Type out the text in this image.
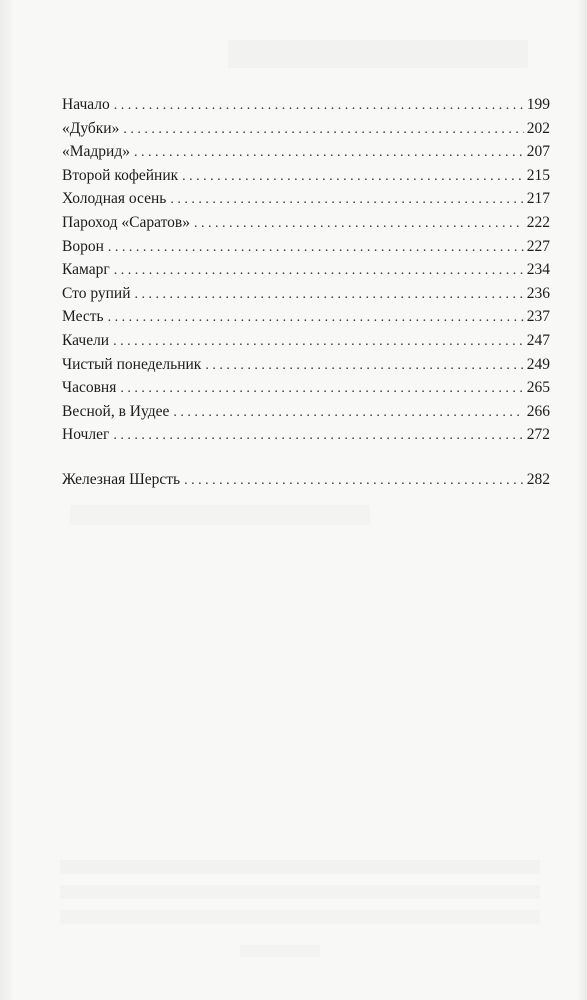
Начало . . .	199
«Дубки» . . .	202
«Мадрид» . . .	207
Второй кофейник . . .	215
Холодная осень . . .	217
Пароход «Саратов» . . .	222
Ворон . . .	227
Камарг . . .	234
Сто рупий . . .	236
Месть . . .	237
Качели . . .	247
Чистый понедельник . . .	249
Часовня . . .	265
Весной, в Иудее . . .	266
Ночлег . . .	272
Железная Шерсть . . .	282
